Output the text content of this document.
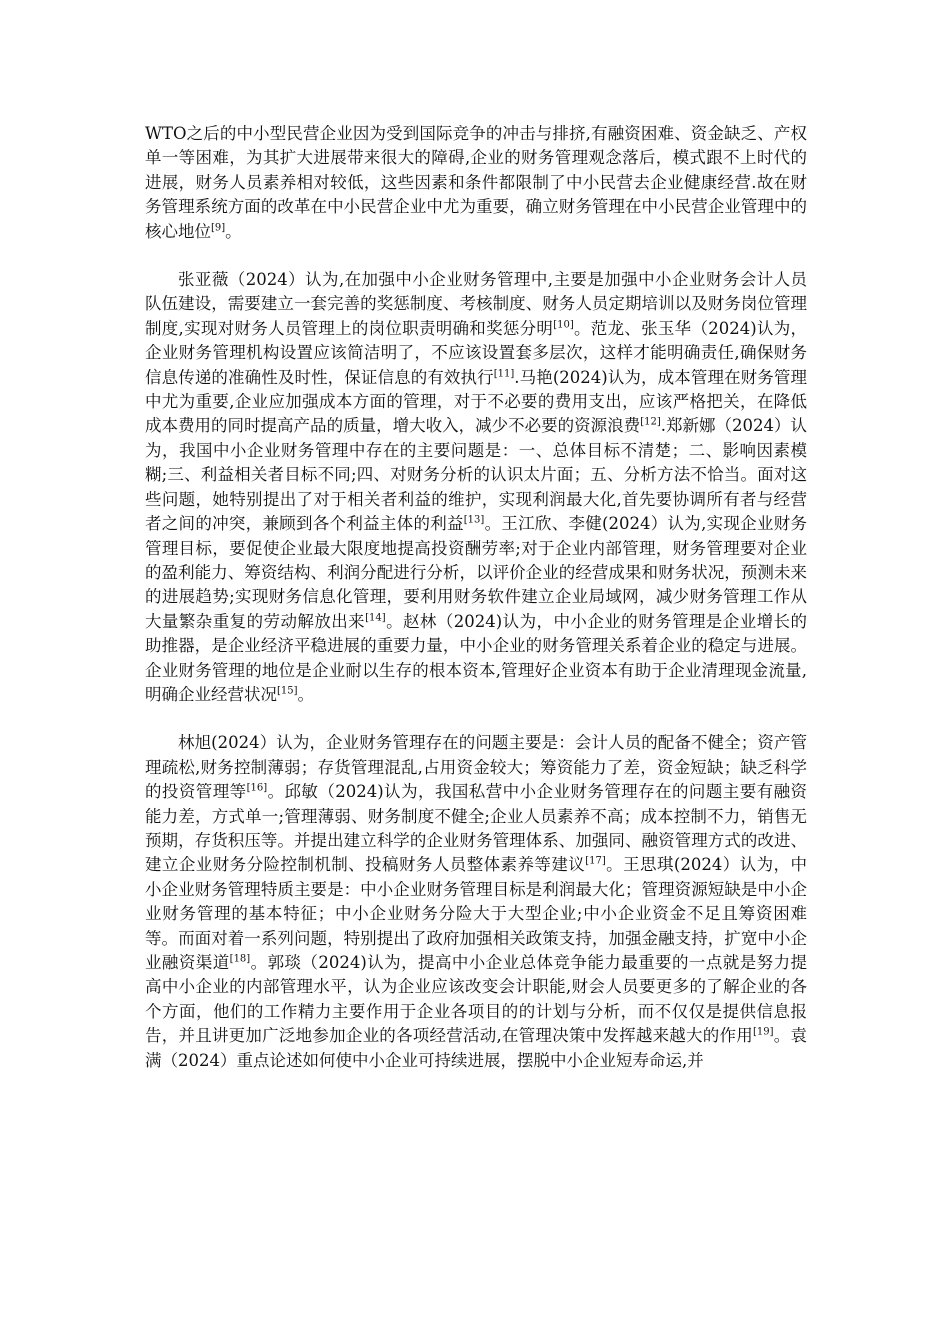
WTO之后的中小型民营企业因为受到国际竞争的冲击与排挤,有融资困难、资金缺乏、产权单一等困难，为其扩大进展带来很大的障碍,企业的财务管理观念落后，模式跟不上时代的进展，财务人员素养相对较低，这些因素和条件都限制了中小民营去企业健康经营.故在财务管理系统方面的改革在中小民营企业中尤为重要，确立财务管理在中小民营企业管理中的核心地位[9]。

张亚薇（2024）认为,在加强中小企业财务管理中,主要是加强中小企业财务会计人员队伍建设，需要建立一套完善的奖惩制度、考核制度、财务人员定期培训以及财务岗位管理制度,实现对财务人员管理上的岗位职责明确和奖惩分明[10]。范龙、张玉华（2024)认为，企业财务管理机构设置应该简洁明了，不应该设置套多层次，这样才能明确责任,确保财务信息传递的准确性及时性，保证信息的有效执行[11].马艳(2024)认为，成本管理在财务管理中尤为重要,企业应加强成本方面的管理，对于不必要的费用支出，应该严格把关，在降低成本费用的同时提高产品的质量，增大收入，减少不必要的资源浪费[12].郑新娜（2024）认为，我国中小企业财务管理中存在的主要问题是：一、总体目标不清楚；二、影响因素模糊;三、利益相关者目标不同;四、对财务分析的认识太片面；五、分析方法不恰当。面对这些问题，她特别提出了对于相关者利益的维护，实现利润最大化,首先要协调所有者与经营者之间的冲突，兼顾到各个利益主体的利益[13]。王江欣、李健(2024）认为,实现企业财务管理目标，要促使企业最大限度地提高投资酬劳率;对于企业内部管理，财务管理要对企业的盈利能力、筹资结构、利润分配进行分析，以评价企业的经营成果和财务状况，预测未来的进展趋势;实现财务信息化管理，要利用财务软件建立企业局域网，减少财务管理工作从大量繁杂重复的劳动解放出来[14]。赵林（2024)认为，中小企业的财务管理是企业增长的助推器，是企业经济平稳进展的重要力量，中小企业的财务管理关系着企业的稳定与进展。企业财务管理的地位是企业耐以生存的根本资本,管理好企业资本有助于企业清理现金流量,明确企业经营状况[15]。

林旭(2024）认为，企业财务管理存在的问题主要是：会计人员的配备不健全；资产管理疏松,财务控制薄弱；存货管理混乱,占用资金较大；筹资能力了差，资金短缺；缺乏科学的投资管理等[16]。邱敏（2024)认为，我国私营中小企业财务管理存在的问题主要有融资能力差，方式单一;管理薄弱、财务制度不健全;企业人员素养不高；成本控制不力，销售无预期，存货积压等。并提出建立科学的企业财务管理体系、加强同、融资管理方式的改进、建立企业财务分险控制机制、投稿财务人员整体素养等建议[17]。王思琪(2024）认为，中小企业财务管理特质主要是：中小企业财务管理目标是利润最大化；管理资源短缺是中小企业财务管理的基本特征；中小企业财务分险大于大型企业;中小企业资金不足且筹资困难等。而面对着一系列问题，特别提出了政府加强相关政策支持，加强金融支持，扩宽中小企业融资渠道[18]。郭琰（2024)认为，提高中小企业总体竞争能力最重要的一点就是努力提高中小企业的内部管理水平，认为企业应该改变会计职能,财会人员要更多的了解企业的各个方面，他们的工作精力主要作用于企业各项目的的计划与分析，而不仅仅是提供信息报告，并且讲更加广泛地参加企业的各项经营活动,在管理决策中发挥越来越大的作用[19]。袁满（2024）重点论述如何使中小企业可持续进展，摆脱中小企业短寿命运,并
